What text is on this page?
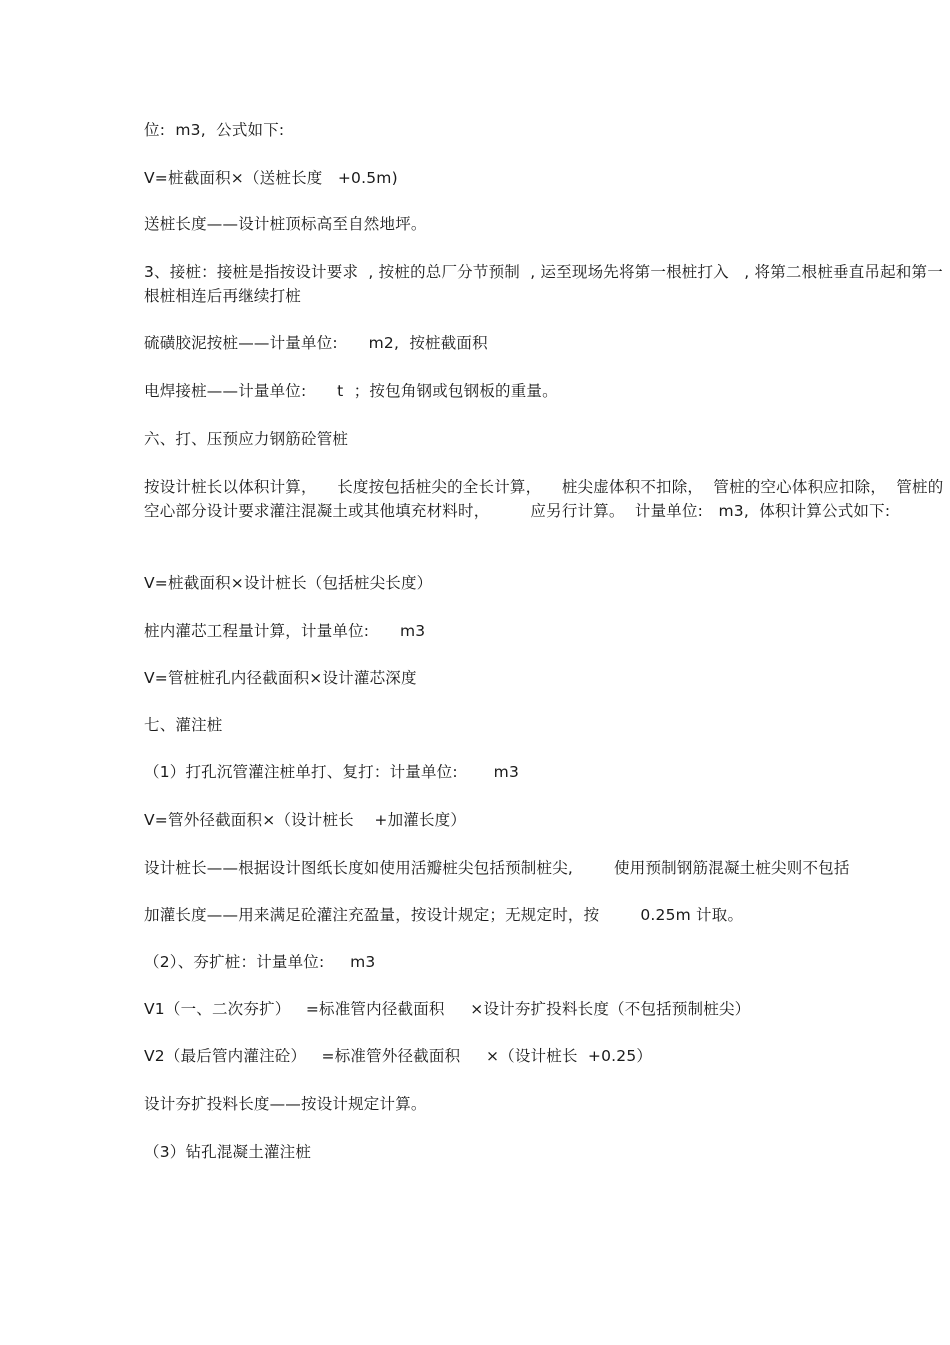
位:  m3,  公式如下:

V=桩截面积×（送桩长度   +0.5m)

送桩长度——设计桩顶标高至自然地坪。

3、接桩：接桩是指按设计要求  , 按桩的总厂分节预制  , 运至现场先将第一根桩打入   , 将第二根桩垂直吊起和第一根桩相连后再继续打桩

硫磺胶泥按桩——计量单位:      m2,  按桩截面积

电焊接桩——计量单位:      t  ；按包角钢或包钢板的重量。

六、打、压预应力钢筋砼管桩

按设计桩长以体积计算，    长度按包括桩尖的全长计算，    桩尖虚体积不扣除，  管桩的空心体积应扣除，  管桩的空心部分设计要求灌注混凝土或其他填充材料时，        应另行计算。  计量单位:   m3,  体积计算公式如下:

V=桩截面积×设计桩长（包括桩尖长度）

桩内灌芯工程量计算，计量单位:      m3

V=管桩桩孔内径截面积×设计灌芯深度

七、灌注桩

（1）打孔沉管灌注桩单打、复打：计量单位:       m3

V=管外径截面积×（设计桩长    +加灌长度）

设计桩长——根据设计图纸长度如使用活瓣桩尖包括预制桩尖,        使用预制钢筋混凝土桩尖则不包括

加灌长度——用来满足砼灌注充盈量，按设计规定；无规定时，按        0.25m 计取。

（2）、夯扩桩：计量单位:     m3

V1（一、二次夯扩）   =标准管内径截面积     ×设计夯扩投料长度（不包括预制桩尖）

V2（最后管内灌注砼）   =标准管外径截面积     ×（设计桩长  +0.25）

设计夯扩投料长度——按设计规定计算。

（3）钻孔混凝土灌注桩
